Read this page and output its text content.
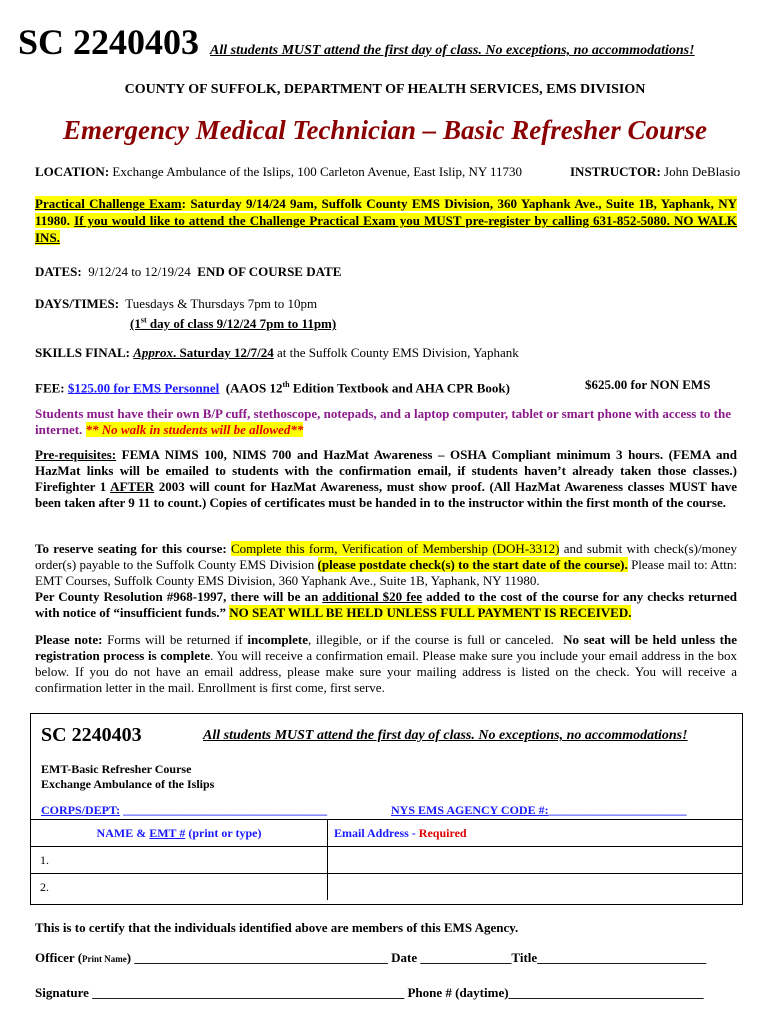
SC 2240403 All students MUST attend the first day of class. No exceptions, no accommodations!
COUNTY OF SUFFOLK, DEPARTMENT OF HEALTH SERVICES, EMS DIVISION
Emergency Medical Technician – Basic Refresher Course
LOCATION: Exchange Ambulance of the Islips, 100 Carleton Avenue, East Islip, NY 11730	INSTRUCTOR: John DeBlasio
Practical Challenge Exam: Saturday 9/14/24 9am, Suffolk County EMS Division, 360 Yaphank Ave., Suite 1B, Yaphank, NY 11980. If you would like to attend the Challenge Practical Exam you MUST pre-register by calling 631-852-5080. NO WALK INS.
DATES:  9/12/24 to 12/19/24  END OF COURSE DATE
DAYS/TIMES:  Tuesdays & Thursdays 7pm to 10pm
(1st day of class 9/12/24 7pm to 11pm)
SKILLS FINAL: Approx. Saturday 12/7/24 at the Suffolk County EMS Division, Yaphank
FEE: $125.00 for EMS Personnel  (AAOS 12th Edition Textbook and AHA CPR Book)	$625.00 for NON EMS
Students must have their own B/P cuff, stethoscope, notepads, and a laptop computer, tablet or smart phone with access to the internet. ** No walk in students will be allowed**
Pre-requisites: FEMA NIMS 100, NIMS 700 and HazMat Awareness – OSHA Compliant minimum 3 hours. (FEMA and HazMat links will be emailed to students with the confirmation email, if students haven’t already taken those classes.) Firefighter 1 AFTER 2003 will count for HazMat Awareness, must show proof. (All HazMat Awareness classes MUST have been taken after 9 11 to count.) Copies of certificates must be handed in to the instructor within the first month of the course.
To reserve seating for this course: Complete this form, Verification of Membership (DOH-3312) and submit with check(s)/money order(s) payable to the Suffolk County EMS Division (please postdate check(s) to the start date of the course). Please mail to: Attn: EMT Courses, Suffolk County EMS Division, 360 Yaphank Ave., Suite 1B, Yaphank, NY 11980.
Per County Resolution #968-1997, there will be an additional $20 fee added to the cost of the course for any checks returned with notice of “insufficient funds.” NO SEAT WILL BE HELD UNLESS FULL PAYMENT IS RECEIVED.
Please note: Forms will be returned if incomplete, illegible, or if the course is full or canceled.  No seat will be held unless the registration process is complete. You will receive a confirmation email. Please make sure you include your email address in the box below. If you do not have an email address, please make sure your mailing address is listed on the check. You will receive a confirmation letter in the mail. Enrollment is first come, first serve.
SC 2240403	All students MUST attend the first day of class. No exceptions, no accommodations!
EMT-Basic Refresher Course
Exchange Ambulance of the Islips
CORPS/DEPT: __________________________________	NYS EMS AGENCY CODE #:_______________________
NAME & EMT # (print or type)	Email Address - Required
1.	
2.	
This is to certify that the individuals identified above are members of this EMS Agency.
Officer (Print Name) _______________________________________ Date ______________Title__________________________
Signature ________________________________________________ Phone # (daytime)______________________________
